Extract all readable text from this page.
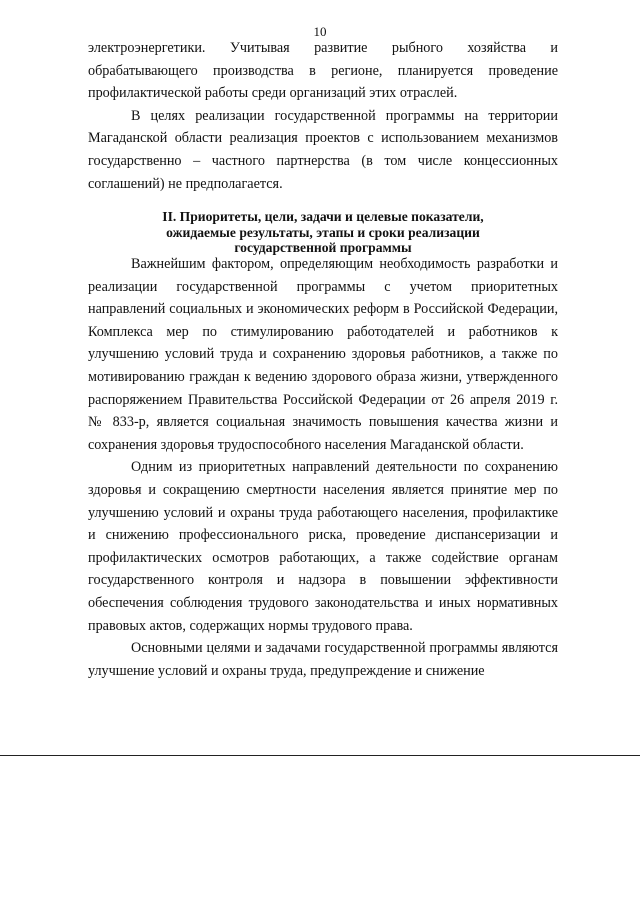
10

электроэнергетики. Учитывая развитие рыбного хозяйства и обрабатывающего производства в регионе, планируется проведение профилактической работы среди организаций этих отраслей.

В целях реализации государственной программы на территории Магаданской области реализация проектов с использованием механизмов государственно – частного партнерства (в том числе концессионных соглашений) не предполагается.

II. Приоритеты, цели, задачи и целевые показатели,
ожидаемые результаты, этапы и сроки реализации
государственной программы

Важнейшим фактором, определяющим необходимость разработки и реализации государственной программы с учетом приоритетных направлений социальных и экономических реформ в Российской Федерации, Комплекса мер по стимулированию работодателей и работников к улучшению условий труда и сохранению здоровья работников, а также по мотивированию граждан к ведению здорового образа жизни, утвержденного распоряжением Правительства Российской Федерации от 26 апреля 2019 г. № 833-р, является социальная значимость повышения качества жизни и сохранения здоровья трудоспособного населения Магаданской области.

Одним из приоритетных направлений деятельности по сохранению здоровья и сокращению смертности населения является принятие мер по улучшению условий и охраны труда работающего населения, профилактике и снижению профессионального риска, проведение диспансеризации и профилактических осмотров работающих, а также содействие органам государственного контроля и надзора в повышении эффективности обеспечения соблюдения трудового законодательства и иных нормативных правовых актов, содержащих нормы трудового права.

Основными целями и задачами государственной программы являются улучшение условий и охраны труда, предупреждение и снижение
